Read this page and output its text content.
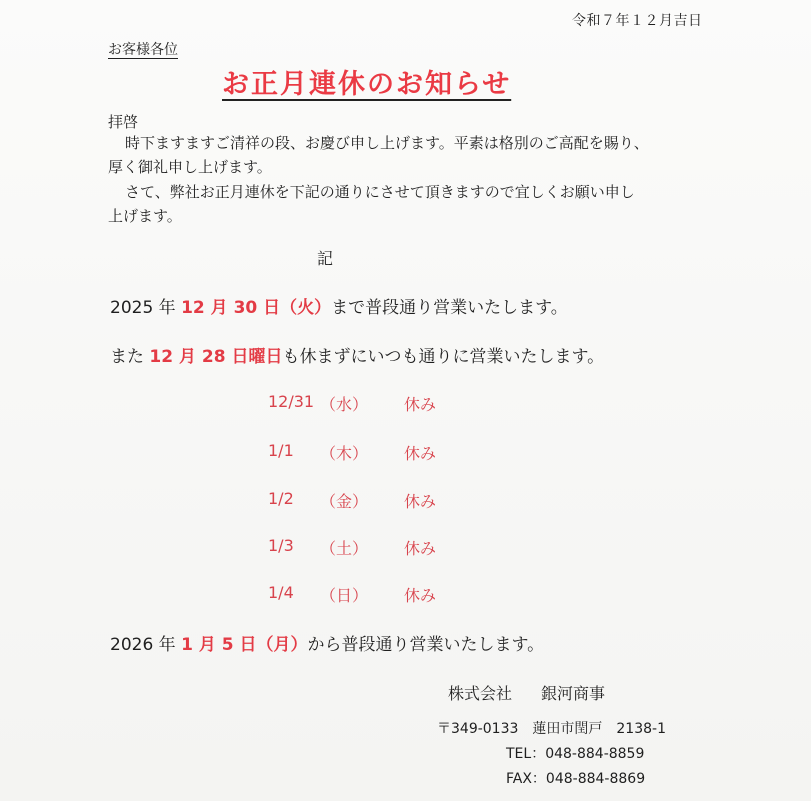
令和７年１２月吉日
お客様各位
お正月連休のお知らせ
拝啓
時下ますますご清祥の段、お慶び申し上げます。平素は格別のご高配を賜り、
厚く御礼申し上げます。
さて、弊社お正月連休を下記の通りにさせて頂きますので宜しくお願い申し
上げます。
記
2025 年 12 月 30 日（火）まで普段通り営業いたします。
また 12 月 28 日曜日も休まずにいつも通りに営業いたします。
12/31 （水） 休み
1/1 （木） 休み
1/2 （金） 休み
1/3 （土） 休み
1/4 （日） 休み
2026 年 1 月 5 日（月）から普段通り営業いたします。
株式会社 銀河商事
〒349-0133　蓮田市閏戸　2138-1
TEL：048-884-8859
FAX：048-884-8869
